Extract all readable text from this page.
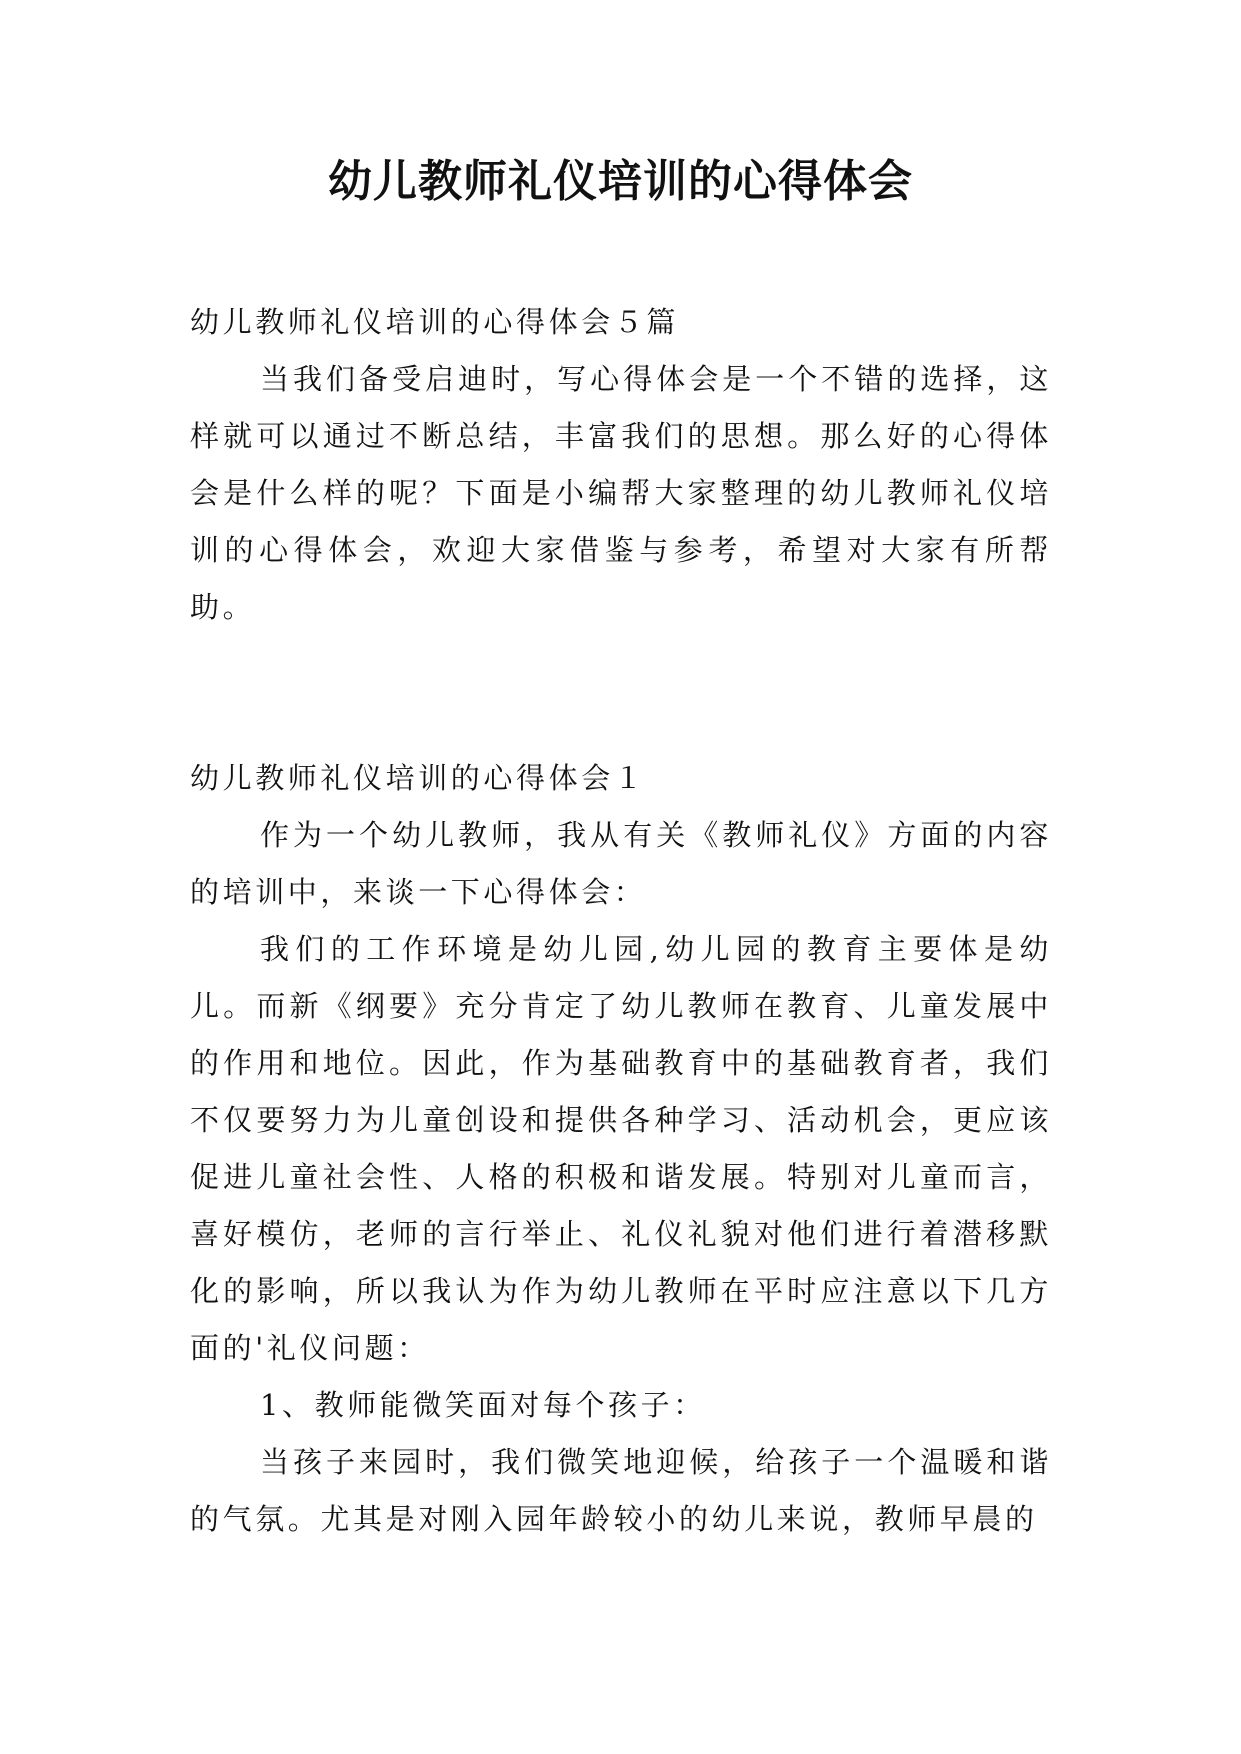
幼儿教师礼仪培训的心得体会

幼儿教师礼仪培训的心得体会５篇

当我们备受启迪时，写心得体会是一个不错的选择，这样就可以通过不断总结，丰富我们的思想。那么好的心得体会是什么样的呢？下面是小编帮大家整理的幼儿教师礼仪培训的心得体会，欢迎大家借鉴与参考，希望对大家有所帮助。

幼儿教师礼仪培训的心得体会１

作为一个幼儿教师，我从有关《教师礼仪》方面的内容的培训中，来谈一下心得体会：

我们的工作环境是幼儿园,幼儿园的教育主要体是幼儿。而新《纲要》充分肯定了幼儿教师在教育、儿童发展中的作用和地位。因此，作为基础教育中的基础教育者，我们不仅要努力为儿童创设和提供各种学习、活动机会，更应该促进儿童社会性、人格的积极和谐发展。特别对儿童而言，喜好模仿，老师的言行举止、礼仪礼貌对他们进行着潜移默化的影响，所以我认为作为幼儿教师在平时应注意以下几方面的'礼仪问题：

1、教师能微笑面对每个孩子：

当孩子来园时，我们微笑地迎候，给孩子一个温暖和谐的气氛。尤其是对刚入园年龄较小的幼儿来说，教师早晨的
